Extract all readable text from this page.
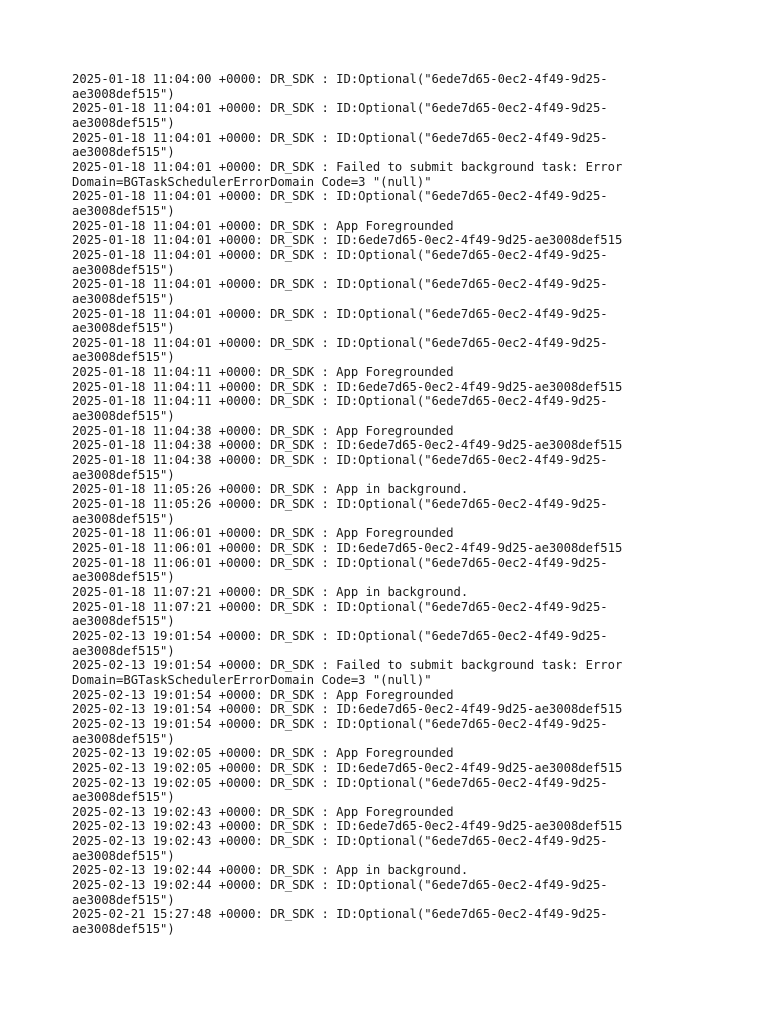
2025-01-18 11:04:00 +0000: DR_SDK : ID:Optional("6ede7d65-0ec2-4f49-9d25-
ae3008def515")
2025-01-18 11:04:01 +0000: DR_SDK : ID:Optional("6ede7d65-0ec2-4f49-9d25-
ae3008def515")
2025-01-18 11:04:01 +0000: DR_SDK : ID:Optional("6ede7d65-0ec2-4f49-9d25-
ae3008def515")
2025-01-18 11:04:01 +0000: DR_SDK : Failed to submit background task: Error
Domain=BGTaskSchedulerErrorDomain Code=3 "(null)"
2025-01-18 11:04:01 +0000: DR_SDK : ID:Optional("6ede7d65-0ec2-4f49-9d25-
ae3008def515")
2025-01-18 11:04:01 +0000: DR_SDK : App Foregrounded
2025-01-18 11:04:01 +0000: DR_SDK : ID:6ede7d65-0ec2-4f49-9d25-ae3008def515
2025-01-18 11:04:01 +0000: DR_SDK : ID:Optional("6ede7d65-0ec2-4f49-9d25-
ae3008def515")
2025-01-18 11:04:01 +0000: DR_SDK : ID:Optional("6ede7d65-0ec2-4f49-9d25-
ae3008def515")
2025-01-18 11:04:01 +0000: DR_SDK : ID:Optional("6ede7d65-0ec2-4f49-9d25-
ae3008def515")
2025-01-18 11:04:01 +0000: DR_SDK : ID:Optional("6ede7d65-0ec2-4f49-9d25-
ae3008def515")
2025-01-18 11:04:11 +0000: DR_SDK : App Foregrounded
2025-01-18 11:04:11 +0000: DR_SDK : ID:6ede7d65-0ec2-4f49-9d25-ae3008def515
2025-01-18 11:04:11 +0000: DR_SDK : ID:Optional("6ede7d65-0ec2-4f49-9d25-
ae3008def515")
2025-01-18 11:04:38 +0000: DR_SDK : App Foregrounded
2025-01-18 11:04:38 +0000: DR_SDK : ID:6ede7d65-0ec2-4f49-9d25-ae3008def515
2025-01-18 11:04:38 +0000: DR_SDK : ID:Optional("6ede7d65-0ec2-4f49-9d25-
ae3008def515")
2025-01-18 11:05:26 +0000: DR_SDK : App in background.
2025-01-18 11:05:26 +0000: DR_SDK : ID:Optional("6ede7d65-0ec2-4f49-9d25-
ae3008def515")
2025-01-18 11:06:01 +0000: DR_SDK : App Foregrounded
2025-01-18 11:06:01 +0000: DR_SDK : ID:6ede7d65-0ec2-4f49-9d25-ae3008def515
2025-01-18 11:06:01 +0000: DR_SDK : ID:Optional("6ede7d65-0ec2-4f49-9d25-
ae3008def515")
2025-01-18 11:07:21 +0000: DR_SDK : App in background.
2025-01-18 11:07:21 +0000: DR_SDK : ID:Optional("6ede7d65-0ec2-4f49-9d25-
ae3008def515")
2025-02-13 19:01:54 +0000: DR_SDK : ID:Optional("6ede7d65-0ec2-4f49-9d25-
ae3008def515")
2025-02-13 19:01:54 +0000: DR_SDK : Failed to submit background task: Error
Domain=BGTaskSchedulerErrorDomain Code=3 "(null)"
2025-02-13 19:01:54 +0000: DR_SDK : App Foregrounded
2025-02-13 19:01:54 +0000: DR_SDK : ID:6ede7d65-0ec2-4f49-9d25-ae3008def515
2025-02-13 19:01:54 +0000: DR_SDK : ID:Optional("6ede7d65-0ec2-4f49-9d25-
ae3008def515")
2025-02-13 19:02:05 +0000: DR_SDK : App Foregrounded
2025-02-13 19:02:05 +0000: DR_SDK : ID:6ede7d65-0ec2-4f49-9d25-ae3008def515
2025-02-13 19:02:05 +0000: DR_SDK : ID:Optional("6ede7d65-0ec2-4f49-9d25-
ae3008def515")
2025-02-13 19:02:43 +0000: DR_SDK : App Foregrounded
2025-02-13 19:02:43 +0000: DR_SDK : ID:6ede7d65-0ec2-4f49-9d25-ae3008def515
2025-02-13 19:02:43 +0000: DR_SDK : ID:Optional("6ede7d65-0ec2-4f49-9d25-
ae3008def515")
2025-02-13 19:02:44 +0000: DR_SDK : App in background.
2025-02-13 19:02:44 +0000: DR_SDK : ID:Optional("6ede7d65-0ec2-4f49-9d25-
ae3008def515")
2025-02-21 15:27:48 +0000: DR_SDK : ID:Optional("6ede7d65-0ec2-4f49-9d25-
ae3008def515")
